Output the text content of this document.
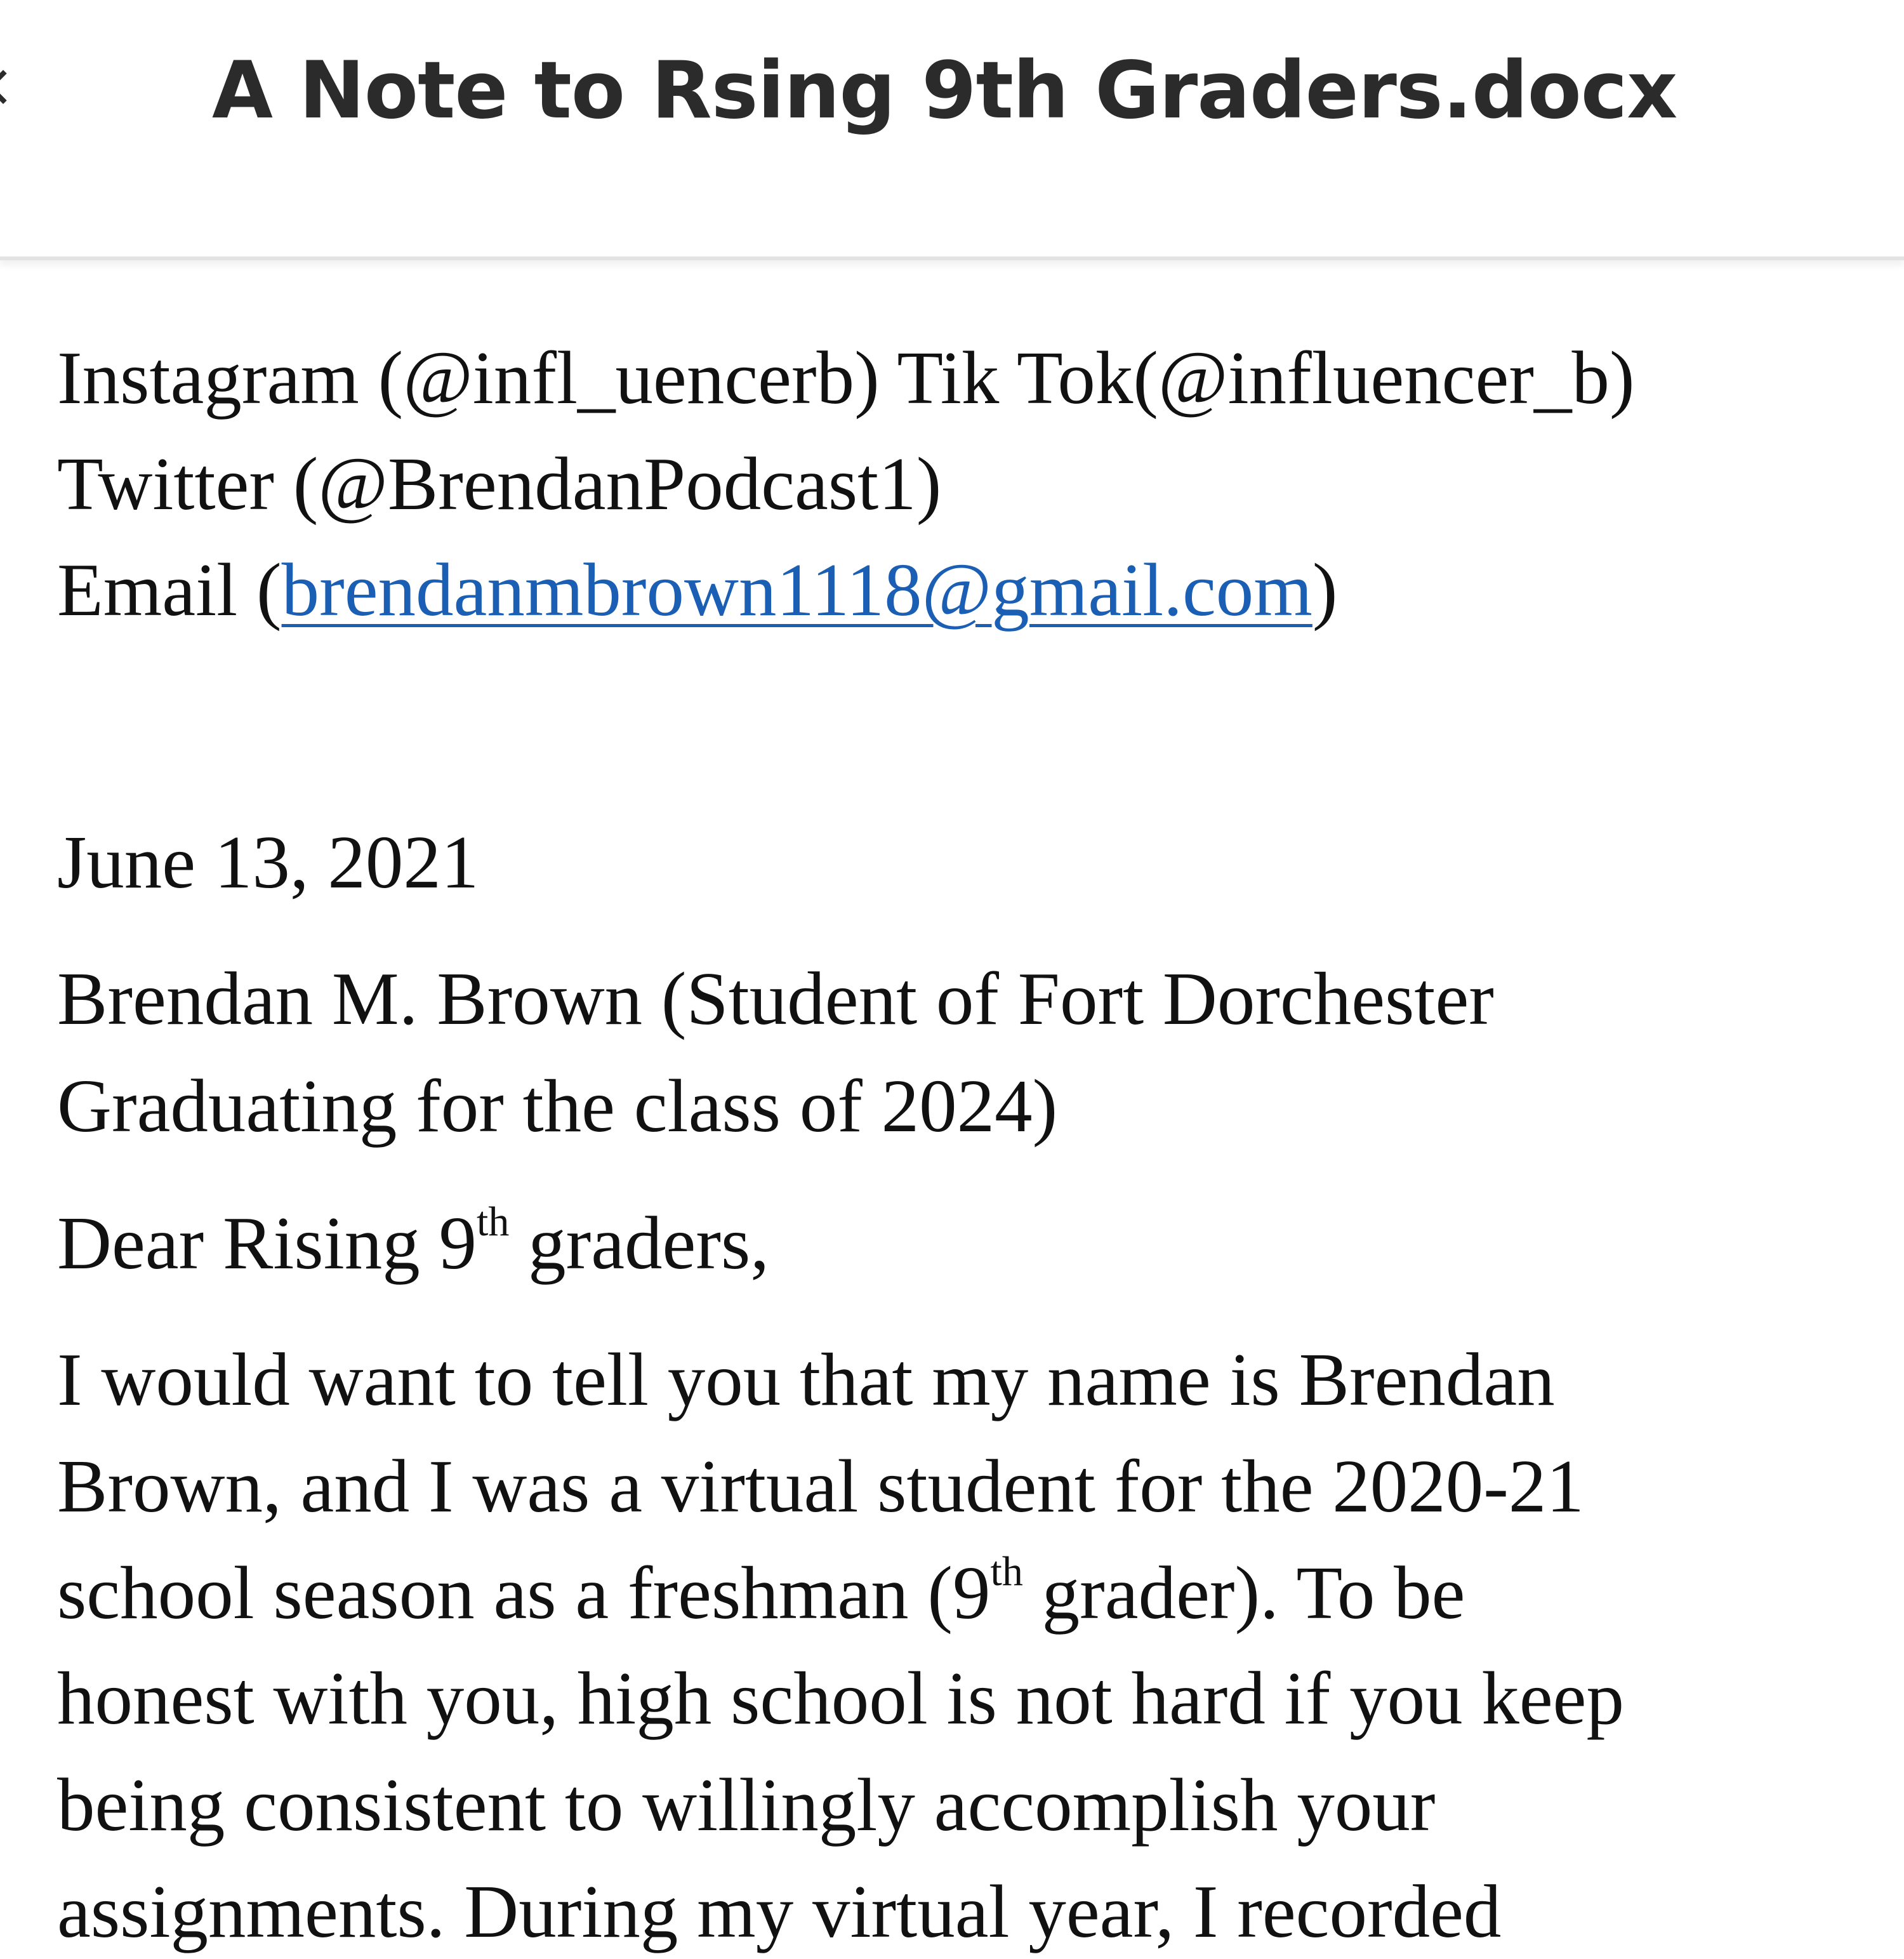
A Note to Rsing 9th Graders.docx

Instagram (@infl_uencerb) Tik Tok(@influencer_b)

Twitter (@BrendanPodcast1)

Email (brendanmbrown1118@gmail.com)

June 13, 2021

Brendan M. Brown (Student of Fort Dorchester

Graduating for the class of 2024)

Dear Rising 9th graders,

I would want to tell you that my name is Brendan

Brown, and I was a virtual student for the 2020-21

school season as a freshman (9th grader). To be

honest with you, high school is not hard if you keep

being consistent to willingly accomplish your

assignments. During my virtual year, I recorded
